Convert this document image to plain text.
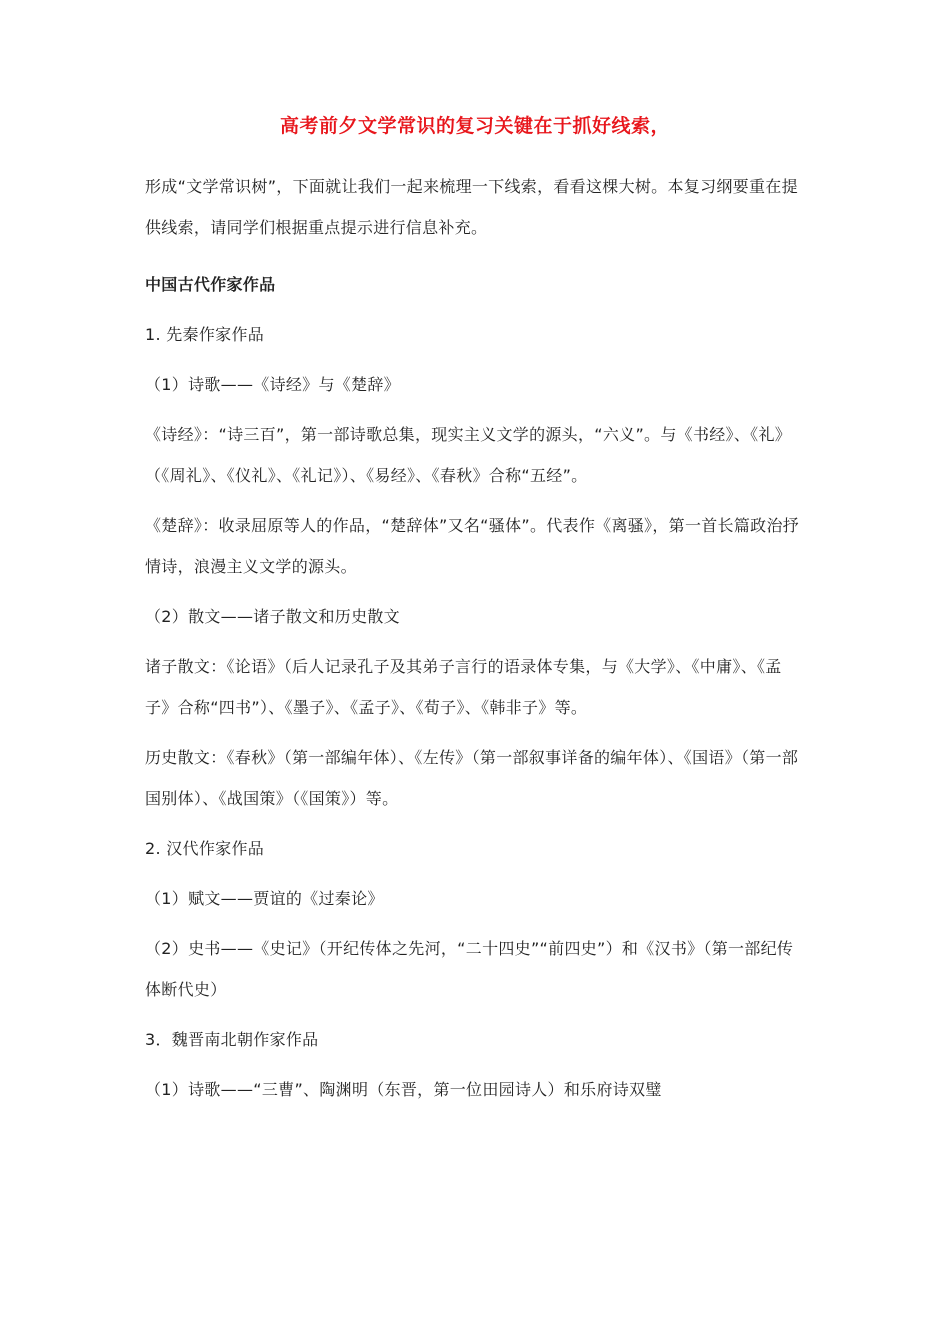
高考前夕文学常识的复习关键在于抓好线索，
形成“文学常识树”，下面就让我们一起来梳理一下线索，看看这棵大树。本复习纲要重在提供线索，请同学们根据重点提示进行信息补充。
中国古代作家作品
1. 先秦作家作品
（1）诗歌——《诗经》与《楚辞》
《诗经》：“诗三百”，第一部诗歌总集，现实主义文学的源头，“六义”。与《书经》、《礼》（《周礼》、《仪礼》、《礼记》）、《易经》、《春秋》合称“五经”。
《楚辞》：收录屈原等人的作品，“楚辞体”又名“骚体”。代表作《离骚》，第一首长篇政治抒情诗，浪漫主义文学的源头。
（2）散文——诸子散文和历史散文
诸子散文：《论语》（后人记录孔子及其弟子言行的语录体专集，与《大学》、《中庸》、《孟子》合称“四书”）、《墨子》、《孟子》、《荀子》、《韩非子》等。
历史散文：《春秋》（第一部编年体）、《左传》（第一部叙事详备的编年体）、《国语》（第一部国别体）、《战国策》（《国策》）等。
2. 汉代作家作品
（1）赋文——贾谊的《过秦论》
（2）史书——《史记》（开纪传体之先河，“二十四史”“前四史”）和《汉书》（第一部纪传体断代史）
3．魏晋南北朝作家作品
（1）诗歌——“三曹”、陶渊明（东晋，第一位田园诗人）和乐府诗双璧
